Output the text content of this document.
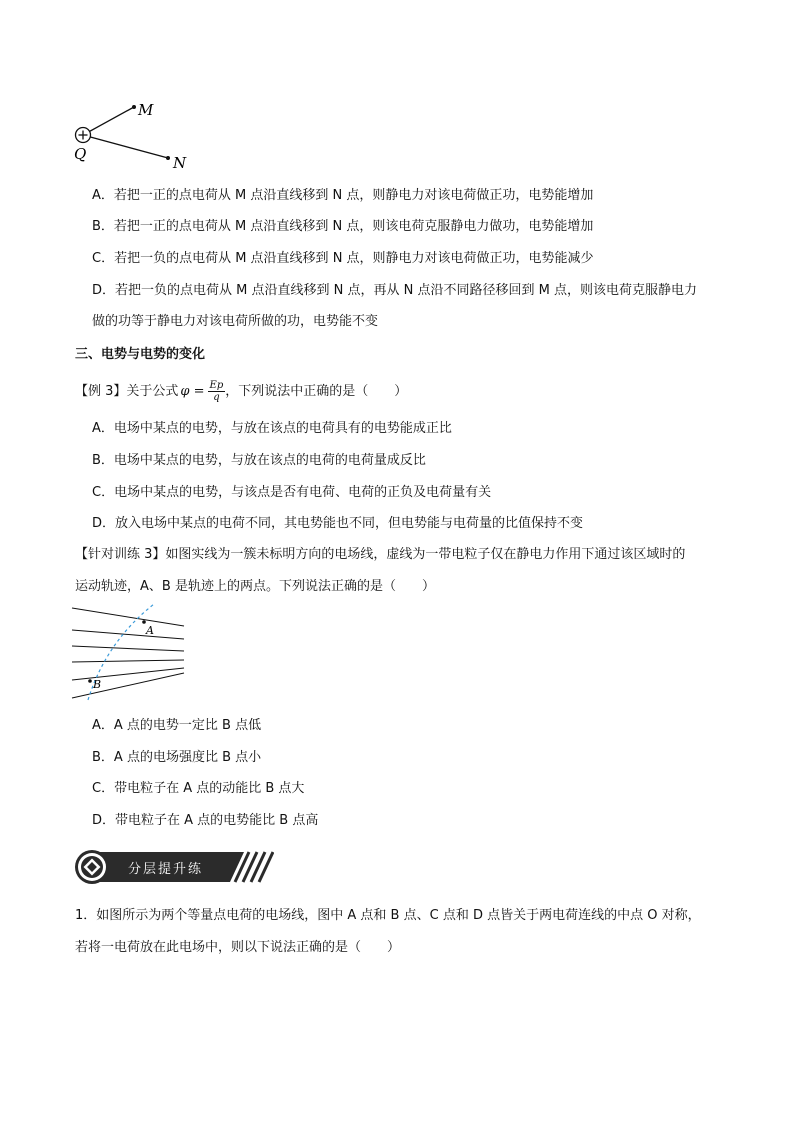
M
N
Q
A．若把一正的点电荷从 M 点沿直线移到 N 点，则静电力对该电荷做正功，电势能增加
B．若把一正的点电荷从 M 点沿直线移到 N 点，则该电荷克服静电力做功，电势能增加
C．若把一负的点电荷从 M 点沿直线移到 N 点，则静电力对该电荷做正功，电势能减少
D．若把一负的点电荷从 M 点沿直线移到 N 点，再从 N 点沿不同路径移回到 M 点，则该电荷克服静电力
做的功等于静电力对该电荷所做的功，电势能不变
三、电势与电势的变化
【例 3】关于公式 $\varphi = \frac{Ep}{q}$ ，下列说法中正确的是（　　）
A．电场中某点的电势，与放在该点的电荷具有的电势能成正比
B．电场中某点的电势，与放在该点的电荷的电荷量成反比
C．电场中某点的电势，与该点是否有电荷、电荷的正负及电荷量有关
D．放入电场中某点的电荷不同，其电势能也不同，但电势能与电荷量的比值保持不变
【针对训练 3】如图实线为一簇未标明方向的电场线，虚线为一带电粒子仅在静电力作用下通过该区域时的
运动轨迹，A、B 是轨迹上的两点。下列说法正确的是（　　）
A
B
A．A 点的电势一定比 B 点低
B．A 点的电场强度比 B 点小
C．带电粒子在 A 点的动能比 B 点大
D．带电粒子在 A 点的电势能比 B 点高
分层提升练
1．如图所示为两个等量点电荷的电场线，图中 A 点和 B 点、C 点和 D 点皆关于两电荷连线的中点 O 对称，
若将一电荷放在此电场中，则以下说法正确的是（　　）
